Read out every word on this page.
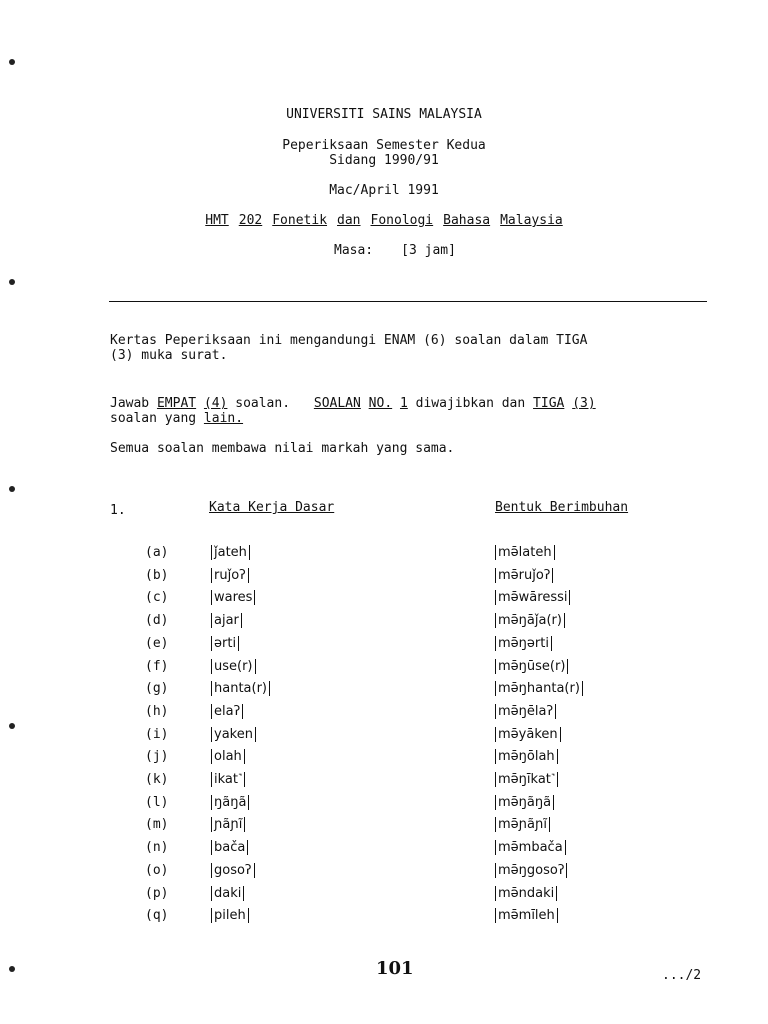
UNIVERSITI SAINS MALAYSIA
Peperiksaan Semester Kedua
Sidang 1990/91
Mac/April 1991
HMT 202 Fonetik dan Fonologi Bahasa Malaysia
Masa: [3 jam]
Kertas Peperiksaan ini mengandungi ENAM (6) soalan dalam TIGA
(3) muka surat.
Jawab EMPAT (4) soalan. SOALAN NO. 1 diwajibkan dan TIGA (3)
soalan yang lain.
Semua soalan membawa nilai markah yang sama.
1.	Kata Kerja Dasar	Bentuk Berimbuhan
(a)	ǰateh	mə̄lateh
(b)	ruǰoʔ	mə̄ruǰoʔ
(c)	wares	mə̄wāressi
(d)	ajar	mə̄ŋāǰa(r)
(e)	ərti	mə̄ŋərti
(f)	use(r)	mə̄ŋūse(r)
(g)	hanta(r)	mə̄ŋhanta(r)
(h)	elaʔ	mə̄ŋēlaʔ
(i)	yaken	mə̄yāken
(j)	olah	mə̄ŋōlah
(k)	ikat˺	mə̄ŋīkat˺
(l)	ŋãŋã	mə̄ŋãŋã
(m)	ɲãɲĩ	mə̄ɲãɲĩ
(n)	bača	mə̄mbača
(o)	gosoʔ	mə̄ŋgosoʔ
(p)	daki	mə̄ndaki
(q)	pileh	mə̄mīleh
101	.../2
